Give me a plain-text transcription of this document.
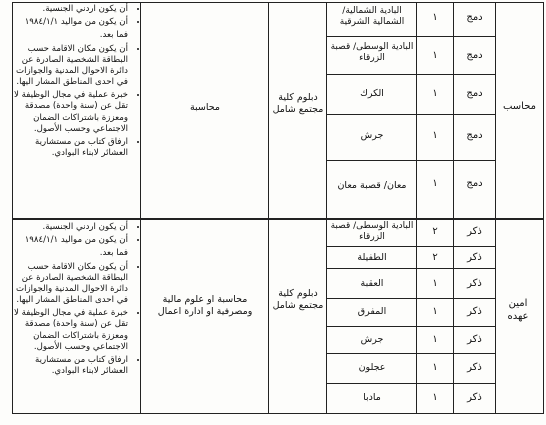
محاسب
دمج
دمج
دمج
دمج
دمج
١
١
١
١
١
البادية الشمالية/ الشمالية الشرقية
البادية الوسطى/ قصبة الزرقاء
الكرك
جرش
معان/ قصبة معان
دبلوم كلية مجتمع شامل
محاسبة
• أن يكون اردني الجنسية.
• أن يكون من مواليد ١٩٨٤/١/١
فما بعد.
• أن يكون مكان الاقامة حسب البطاقة الشخصية الصادرة عن دائرة الاحوال المدنية والجوازات في احدى المناطق المشار اليها.
• خبرة عملية في مجال الوظيفة لا تقل عن (سنة واحدة) مصدقة ومعززة باشتراكات الضمان الاجتماعي وحسب الأصول.
• ارفاق كتاب من مستشارية العشائر لابناء البوادي.
امين عهده
ذكر
ذكر
ذكر
ذكر
ذكر
ذكر
ذكر
٢
٢
١
١
١
١
١
البادية الوسطى/ قصبة الزرقاء
الطفيلة
العقبة
المفرق
جرش
عجلون
مادبا
دبلوم كلية مجتمع شامل
محاسبة او علوم مالية ومصرفية او ادارة اعمال
• أن يكون اردني الجنسية.
• أن يكون من مواليد ١٩٨٤/١/١
فما بعد.
• أن يكون مكان الاقامة حسب البطاقة الشخصية الصادرة عن دائرة الاحوال المدنية والجوازات في احدى المناطق المشار اليها.
• خبرة عملية في مجال الوظيفة لا تقل عن (سنة واحدة) مصدقة ومعززة باشتراكات الضمان الاجتماعي وحسب الأصول.
• ارفاق كتاب من مستشارية العشائر لابناء البوادي.
